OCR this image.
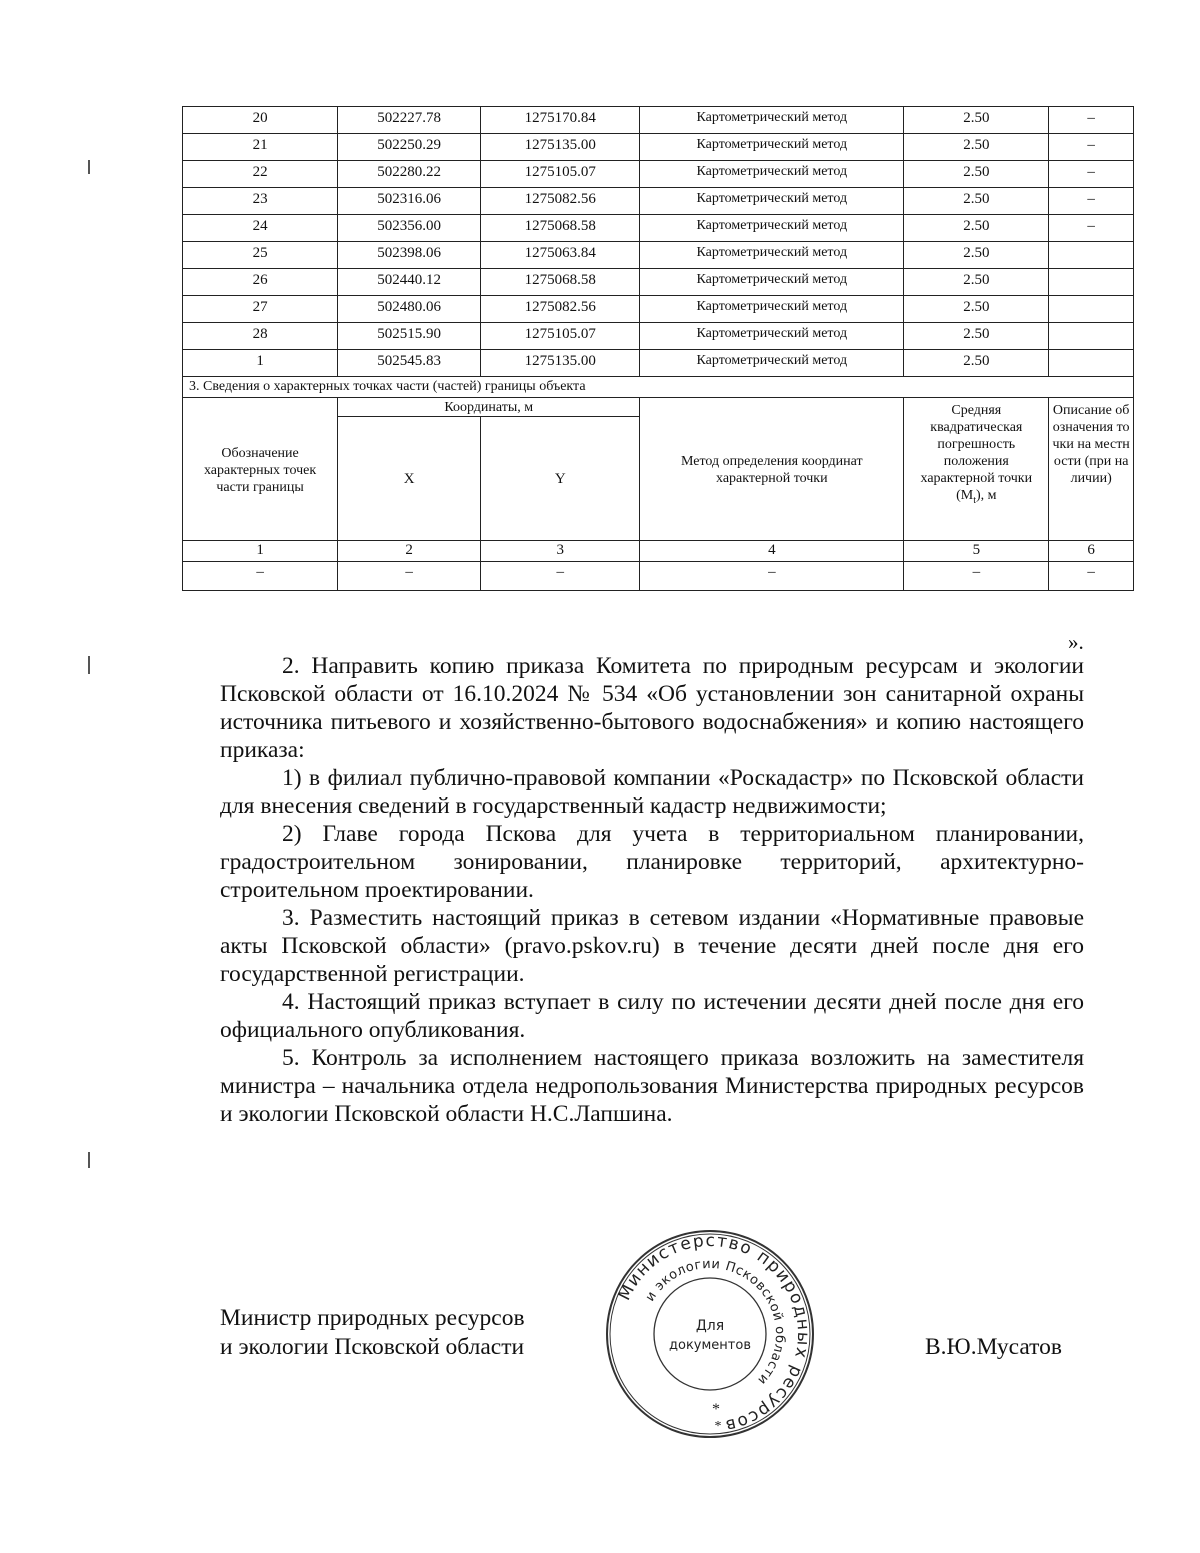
20	502227.78	1275170.84	Картометрический метод	2.50	–
21	502250.29	1275135.00	Картометрический метод	2.50	–
22	502280.22	1275105.07	Картометрический метод	2.50	–
23	502316.06	1275082.56	Картометрический метод	2.50	–
24	502356.00	1275068.58	Картометрический метод	2.50	–
25	502398.06	1275063.84	Картометрический метод	2.50	
26	502440.12	1275068.58	Картометрический метод	2.50	
27	502480.06	1275082.56	Картометрический метод	2.50	
28	502515.90	1275105.07	Картометрический метод	2.50	
1	502545.83	1275135.00	Картометрический метод	2.50	
3. Сведения о характерных точках части (частей) границы объекта					
Обозначение характерных точек части границы	Координаты, м		Метод определения координат характерной точки	Средняя квадратическая погрешность положения характерной точки $(M_t)$, м	Описание обозначения точки на местности (при наличии)
	X	Y			
1	2	3	4	5	6
–	–	–	–	–	–
».

2. Направить копию приказа Комитета по природным ресурсам и экологии Псковской области от 16.10.2024 № 534 «Об установлении зон санитарной охраны источника питьевого и хозяйственно-бытового водоснабжения» и копию настоящего приказа:

1) в филиал публично-правовой компании «Роскадастр» по Псковской области для внесения сведений в государственный кадастр недвижимости;

2) Главе города Пскова для учета в территориальном планировании, градостроительном зонировании, планировке территорий, архитектурно-строительном проектировании.

3. Разместить настоящий приказ в сетевом издании «Нормативные правовые акты Псковской области» (pravo.pskov.ru) в течение десяти дней после дня его государственной регистрации.

4. Настоящий приказ вступает в силу по истечении десяти дней после дня его официального опубликования.

5. Контроль за исполнением настоящего приказа возложить на заместителя министра – начальника отдела недропользования Министерства природных ресурсов и экологии Псковской области Н.С.Лапшина.

Министр природных ресурсов
и экологии Псковской области
Министерство природных ресурсов
и экологии Псковской области
Для
документов
*
*
В.Ю.Мусатов
